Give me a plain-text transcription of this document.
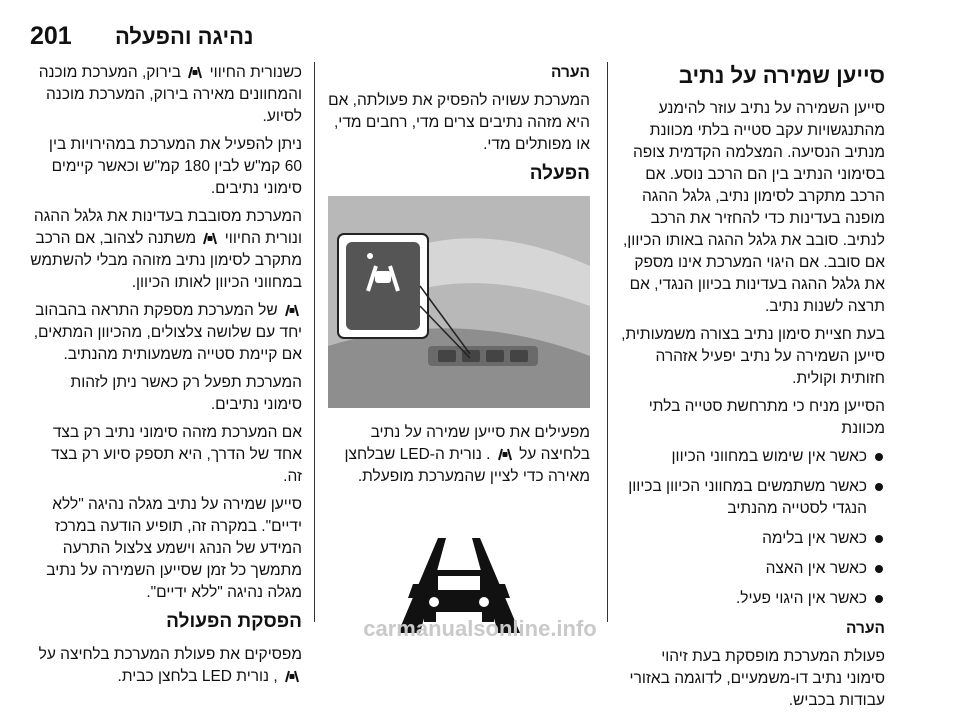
201 נהיגה והפעלה
סייען שמירה על נתיב

סייען השמירה על נתיב עוזר להימנע מהתנגשויות עקב סטייה בלתי מכוונת מנתיב הנסיעה. המצלמה הקדמית צופה בסימוני הנתיב בין הם הרכב נוסע. אם הרכב מתקרב לסימון נתיב, גלגל ההגה מופנה בעדינות כדי להחזיר את הרכב לנתיב. סובב את גלגל ההגה באותו הכיוון, אם סובב. אם היגוי המערכת אינו מספק את גלגל ההגה בעדינות בכיוון הנגדי, אם תרצה לשנות נתיב.

בעת חציית סימון נתיב בצורה משמעותית, סייען השמירה על נתיב יפעיל אזהרה חזותית וקולית.

הסייען מניח כי מתרחשת סטייה בלתי מכוונת

כאשר אין שימוש במחווני הכיוון
כאשר משתמשים במחווני הכיוון בכיוון הנגדי לסטייה מהנתיב
כאשר אין בלימה
כאשר אין האצה
כאשר אין היגוי פעיל.

הערה

פעולת המערכת מופסקת בעת זיהוי סימוני נתיב דו-משמעיים, לדוגמה באזורי עבודות בכביש.

הערה

המערכת עשויה להפסיק את פעולתה, אם היא מזהה נתיבים צרים מדי, רחבים מדי, או מפותלים מדי.

הפעלה

מפעילים את סייען שמירה על נתיב בלחיצה על  . נורית ה-LED שבלחצן מאירה כדי לציין שהמערכת מופעלת.

כשנורית החיווי  בירוק, המערכת מוכנה והמחוונים מאירה בירוק, המערכת מוכנה לסיוע.

ניתן להפעיל את המערכת במהירויות בין 60 קמ"ש לבין 180 קמ"ש וכאשר קיימים סימוני נתיבים.

המערכת מסובבת בעדינות את גלגל ההגה ונורית החיווי  משתנה לצהוב, אם הרכב מתקרב לסימון נתיב מזוהה מבלי להשתמש במחווני הכיוון לאותו הכיוון.

של המערכת מספקת התראה בהבהוב יחד עם שלושה צלצולים, מהכיוון המתאים, אם קיימת סטייה משמעותית מהנתיב.

המערכת תפעל רק כאשר ניתן לזהות סימוני נתיבים.

אם המערכת מזהה סימוני נתיב רק בצד אחד של הדרך, היא תספק סיוע רק בצד זה.

סייען שמירה על נתיב מגלה נהיגה "ללא ידיים". במקרה זה, תופיע הודעה במרכז המידע של הנהג וישמע צלצול התרעה מתמשך כל זמן שסייען השמירה על נתיב מגלה נהיגה "ללא ידיים".

הפסקת הפעולה

מפסיקים את פעולת המערכת בלחיצה על  , נורית LED בלחצן כבית.

carmanualsonline.info
